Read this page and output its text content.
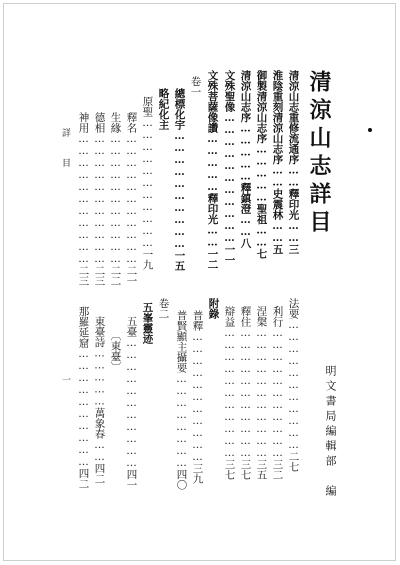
清涼山志詳目
明文書局編輯部　編
詳　目
一
清涼山志重修流通序……釋印光……三
淮陰重刻清涼山志序……史震林……五
御製清涼山志序……………聖祖……七
清涼山志序……………釋鎮澄……八
文殊聖像……………………………一一
文殊菩薩像讚……………釋印光……一二
卷一
總標化宇…………………………一五
略紀化主
原聖……………………………一九
釋名……………………………二一
生緣……………………………二二
德相……………………………二三
神用……………………………二三
法要……………………………二七
利行……………………………三二
涅槃……………………………三五
釋住……………………………三七
辯益……………………………三七
附錄
普釋……………………………三九
普賢顯主攝要……………………四〇
卷二
五峯靈迹
五臺……………………………四一
〔東臺〕
東臺詩……………萬象春……四二
那羅延窟…………………………四二
